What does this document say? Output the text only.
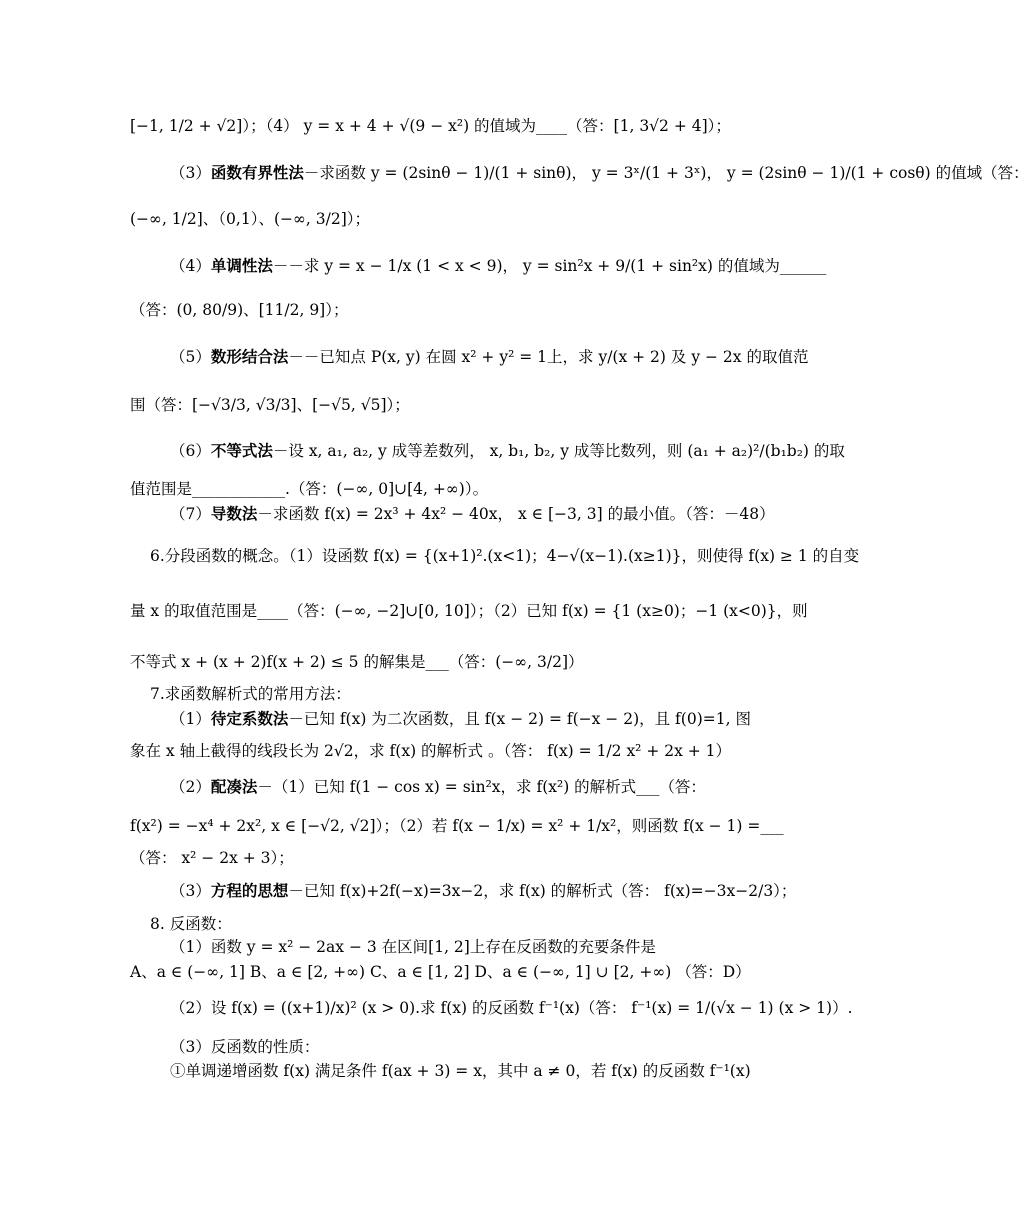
[−1, 1/2 + √2]）；（4） y = x + 4 + √(9 − x²) 的值域为____（答：[1, 3√2 + 4]）；
（3）函数有界性法－求函数 y = (2sinθ − 1)/(1 + sinθ)， y = 3ˣ/(1 + 3ˣ)， y = (2sinθ − 1)/(1 + cosθ) 的值域（答：
(−∞, 1/2]、（0,1）、(−∞, 3/2]）；
（4）单调性法－－求 y = x − 1/x (1 < x < 9)， y = sin²x + 9/(1 + sin²x) 的值域为______
（答：(0, 80/9)、[11/2, 9]）；
（5）数形结合法－－已知点 P(x, y) 在圆 x² + y² = 1上，求 y/(x + 2) 及 y − 2x 的取值范
围（答：[−√3/3, √3/3]、[−√5, √5]）；
（6）不等式法－设 x, a₁, a₂, y 成等差数列， x, b₁, b₂, y 成等比数列，则 (a₁ + a₂)²/(b₁b₂) 的取
值范围是____________.（答：(−∞, 0]∪[4, +∞)）。
（7）导数法－求函数 f(x) = 2x³ + 4x² − 40x， x ∈ [−3, 3] 的最小值。（答：－48）
6.分段函数的概念。（1）设函数 f(x) = {(x+1)².(x<1)；4−√(x−1).(x≥1)}，则使得 f(x) ≥ 1 的自变
量 x 的取值范围是____（答：(−∞, −2]∪[0, 10]）；（2）已知 f(x) = {1 (x≥0)；−1 (x<0)}，则
不等式 x + (x + 2)f(x + 2) ≤ 5 的解集是___（答：(−∞, 3/2]）
7.求函数解析式的常用方法：
（1）待定系数法－已知 f(x) 为二次函数，且 f(x − 2) = f(−x − 2)，且 f(0)=1, 图
象在 x 轴上截得的线段长为 2√2，求 f(x) 的解析式 。（答： f(x) = 1/2 x² + 2x + 1）
（2）配凑法－（1）已知 f(1 − cos x) = sin²x，求 f(x²) 的解析式___（答：
f(x²) = −x⁴ + 2x², x ∈ [−√2, √2]）；（2）若 f(x − 1/x) = x² + 1/x²，则函数 f(x − 1) =___
（答： x² − 2x + 3）；
（3）方程的思想－已知 f(x)+2f(−x)=3x−2，求 f(x) 的解析式（答： f(x)=−3x−2/3）；
8. 反函数：
（1）函数 y = x² − 2ax − 3 在区间[1, 2]上存在反函数的充要条件是
A、a ∈ (−∞, 1] B、a ∈ [2, +∞) C、a ∈ [1, 2] D、a ∈ (−∞, 1] ∪ [2, +∞) （答：D）
（2）设 f(x) = ((x+1)/x)² (x > 0).求 f(x) 的反函数 f⁻¹(x)（答： f⁻¹(x) = 1/(√x − 1) (x > 1)）.
（3）反函数的性质：
①单调递增函数 f(x) 满足条件 f(ax + 3) = x，其中 a ≠ 0，若 f(x) 的反函数 f⁻¹(x)
